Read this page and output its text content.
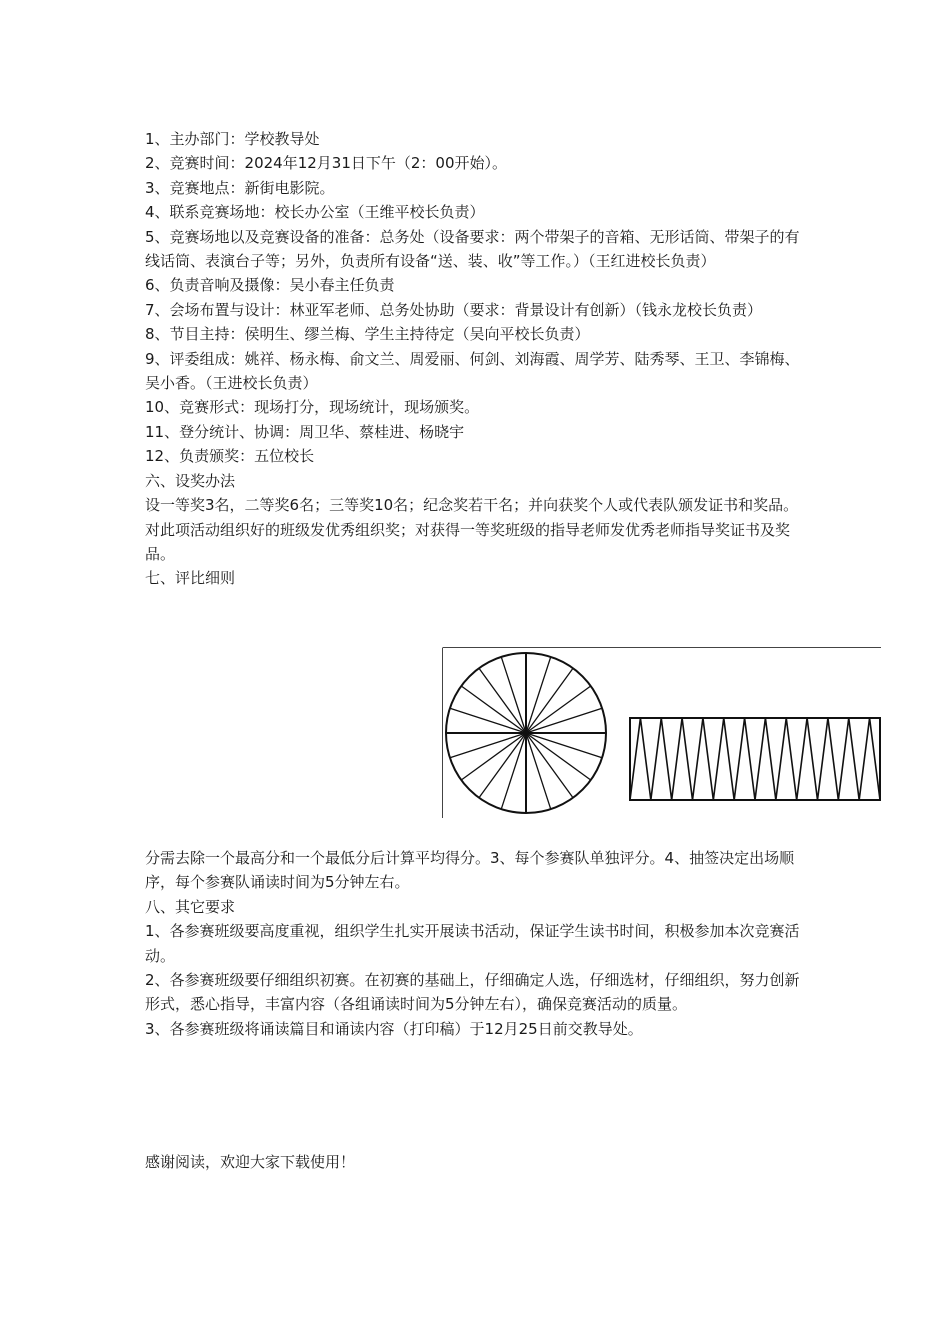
1、主办部门：学校教导处

2、竞赛时间：2024年12月31日下午（2：00开始）。

3、竞赛地点：新街电影院。

4、联系竞赛场地：校长办公室（王维平校长负责）

5、竞赛场地以及竞赛设备的准备：总务处（设备要求：两个带架子的音箱、无形话筒、带架子的有线话筒、表演台子等；另外，负责所有设备“送、装、收”等工作。）（王红进校长负责）

6、负责音响及摄像：吴小春主任负责

7、会场布置与设计：林亚军老师、总务处协助（要求：背景设计有创新）（钱永龙校长负责）

8、节目主持：侯明生、缪兰梅、学生主持待定（吴向平校长负责）

9、评委组成：姚祥、杨永梅、俞文兰、周爱丽、何剑、刘海霞、周学芳、陆秀琴、王卫、李锦梅、吴小香。（王进校长负责）

10、竞赛形式：现场打分，现场统计，现场颁奖。

11、登分统计、协调：周卫华、蔡桂进、杨晓宇

12、负责颁奖：五位校长

六、设奖办法

设一等奖3名，二等奖6名；三等奖10名；纪念奖若干名；并向获奖个人或代表队颁发证书和奖品。对此项活动组织好的班级发优秀组织奖；对获得一等奖班级的指导老师发优秀老师指导奖证书及奖品。

七、评比细则

分需去除一个最高分和一个最低分后计算平均得分。3、每个参赛队单独评分。4、抽签决定出场顺序，每个参赛队诵读时间为5分钟左右。

八、其它要求

1、各参赛班级要高度重视，组织学生扎实开展读书活动，保证学生读书时间，积极参加本次竞赛活动。

2、各参赛班级要仔细组织初赛。在初赛的基础上，仔细确定人选，仔细选材，仔细组织，努力创新形式，悉心指导，丰富内容（各组诵读时间为5分钟左右），确保竞赛活动的质量。

3、各参赛班级将诵读篇目和诵读内容（打印稿）于12月25日前交教导处。

感谢阅读，欢迎大家下载使用！
